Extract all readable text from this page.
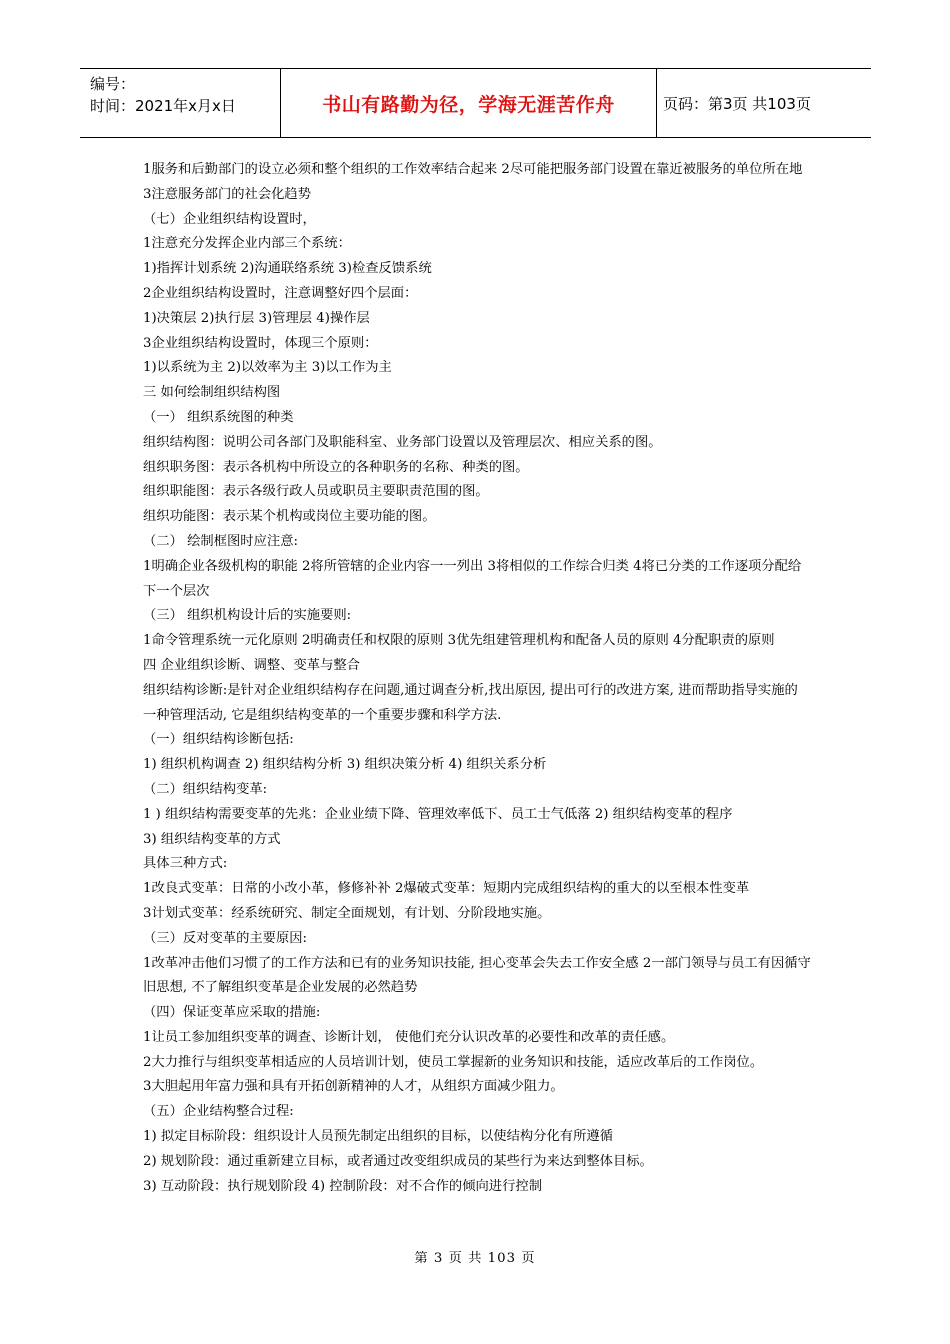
编号：
时间：2021年x月x日	书山有路勤为径，学海无涯苦作舟	页码：第3页 共103页
1服务和后勤部门的设立必须和整个组织的工作效率结合起来 2尽可能把服务部门设置在靠近被服务的单位所在地 3注意服务部门的社会化趋势
（七）企业组织结构设置时，
1注意充分发挥企业内部三个系统：
1)指挥计划系统 2)沟通联络系统 3)检查反馈系统
2企业组织结构设置时，注意调整好四个层面：
1)决策层 2)执行层 3)管理层 4)操作层
3企业组织结构设置时，体现三个原则：
1)以系统为主 2)以效率为主 3)以工作为主
三 如何绘制组织结构图
（一） 组织系统图的种类
组织结构图：说明公司各部门及职能科室、业务部门设置以及管理层次、相应关系的图。
组织职务图：表示各机构中所设立的各种职务的名称、种类的图。
组织职能图：表示各级行政人员或职员主要职责范围的图。
组织功能图：表示某个机构或岗位主要功能的图。
（二） 绘制框图时应注意:
1明确企业各级机构的职能 2将所管辖的企业内容一一列出 3将相似的工作综合归类 4将已分类的工作逐项分配给下一个层次
（三） 组织机构设计后的实施要则:
1命令管理系统一元化原则 2明确责任和权限的原则 3优先组建管理机构和配备人员的原则 4分配职责的原则
四 企业组织诊断、调整、变革与整合
组织结构诊断:是针对企业组织结构存在问题,通过调查分析,找出原因, 提出可行的改进方案, 进而帮助指导实施的一种管理活动, 它是组织结构变革的一个重要步骤和科学方法.
（一）组织结构诊断包括:
1) 组织机构调查 2) 组织结构分析 3) 组织决策分析 4) 组织关系分析
（二）组织结构变革:
1 ) 组织结构需要变革的先兆：企业业绩下降、管理效率低下、员工士气低落 2) 组织结构变革的程序
3) 组织结构变革的方式
具体三种方式:
1改良式变革：日常的小改小革，修修补补 2爆破式变革：短期内完成组织结构的重大的以至根本性变革
3计划式变革：经系统研究、制定全面规划，有计划、分阶段地实施。
（三）反对变革的主要原因:
1改革冲击他们习惯了的工作方法和已有的业务知识技能, 担心变革会失去工作安全感 2一部门领导与员工有因循守旧思想, 不了解组织变革是企业发展的必然趋势
（四）保证变革应采取的措施:
1让员工参加组织变革的调查、诊断计划， 使他们充分认识改革的必要性和改革的责任感。
2大力推行与组织变革相适应的人员培训计划，使员工掌握新的业务知识和技能，适应改革后的工作岗位。
3大胆起用年富力强和具有开拓创新精神的人才，从组织方面减少阻力。
（五）企业结构整合过程:
1) 拟定目标阶段：组织设计人员预先制定出组织的目标，以使结构分化有所遵循
2) 规划阶段：通过重新建立目标，或者通过改变组织成员的某些行为来达到整体目标。
3) 互动阶段：执行规划阶段 4) 控制阶段：对不合作的倾向进行控制
第 3 页 共 103 页
